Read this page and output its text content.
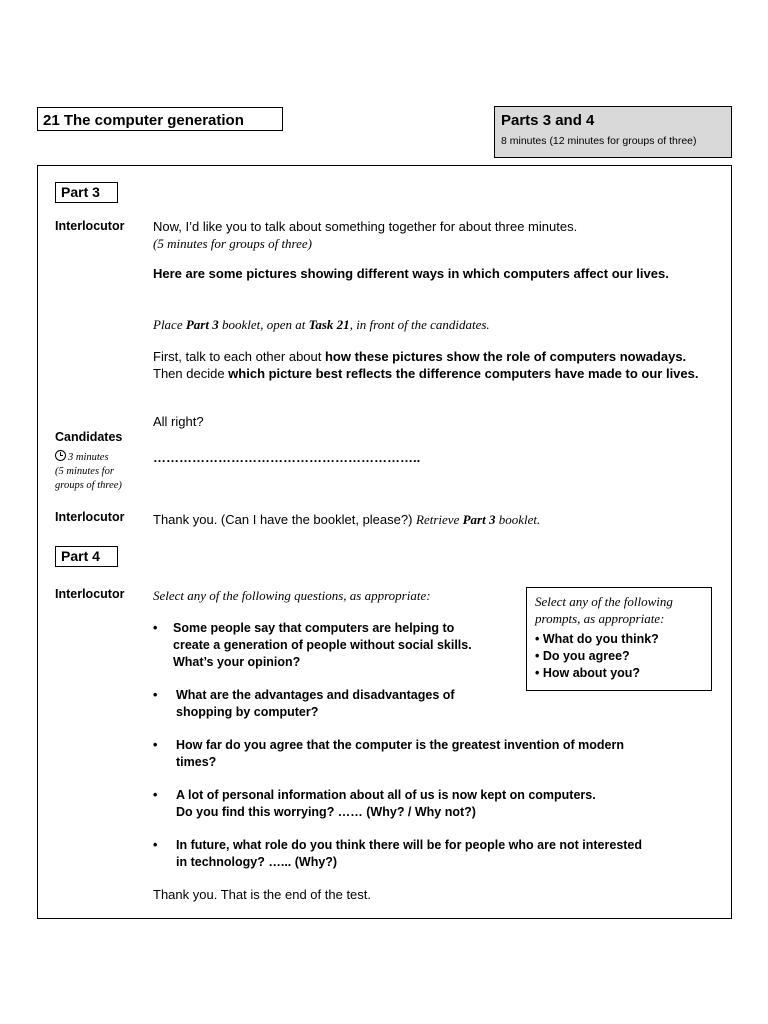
21 The computer generation	Parts 3 and 4
8 minutes (12 minutes for groups of three)
Part 3
Interlocutor Now, I’d like you to talk about something together for about three minutes.
(5 minutes for groups of three)
Here are some pictures showing different ways in which computers affect our lives.
Place Part 3 booklet, open at Task 21, in front of the candidates.
First, talk to each other about how these pictures show the role of computers nowadays. Then decide which picture best reflects the difference computers have made to our lives.
All right?
Candidates
3 minutes
(5 minutes for
groups of three)
……………………………………………………..
Interlocutor Thank you. (Can I have the booklet, please?) Retrieve Part 3 booklet.
Part 4
Interlocutor Select any of the following questions, as appropriate:	Select any of the following
prompts, as appropriate:
• What do you think?
• Do you agree?
• How about you?
• Some people say that computers are helping to
create a generation of people without social skills.
What’s your opinion?
• What are the advantages and disadvantages of
shopping by computer?
• How far do you agree that the computer is the greatest invention of modern
times?
• A lot of personal information about all of us is now kept on computers.
Do you find this worrying? …… (Why? / Why not?)
• In future, what role do you think there will be for people who are not interested
in technology? …... (Why?)
Thank you. That is the end of the test.
